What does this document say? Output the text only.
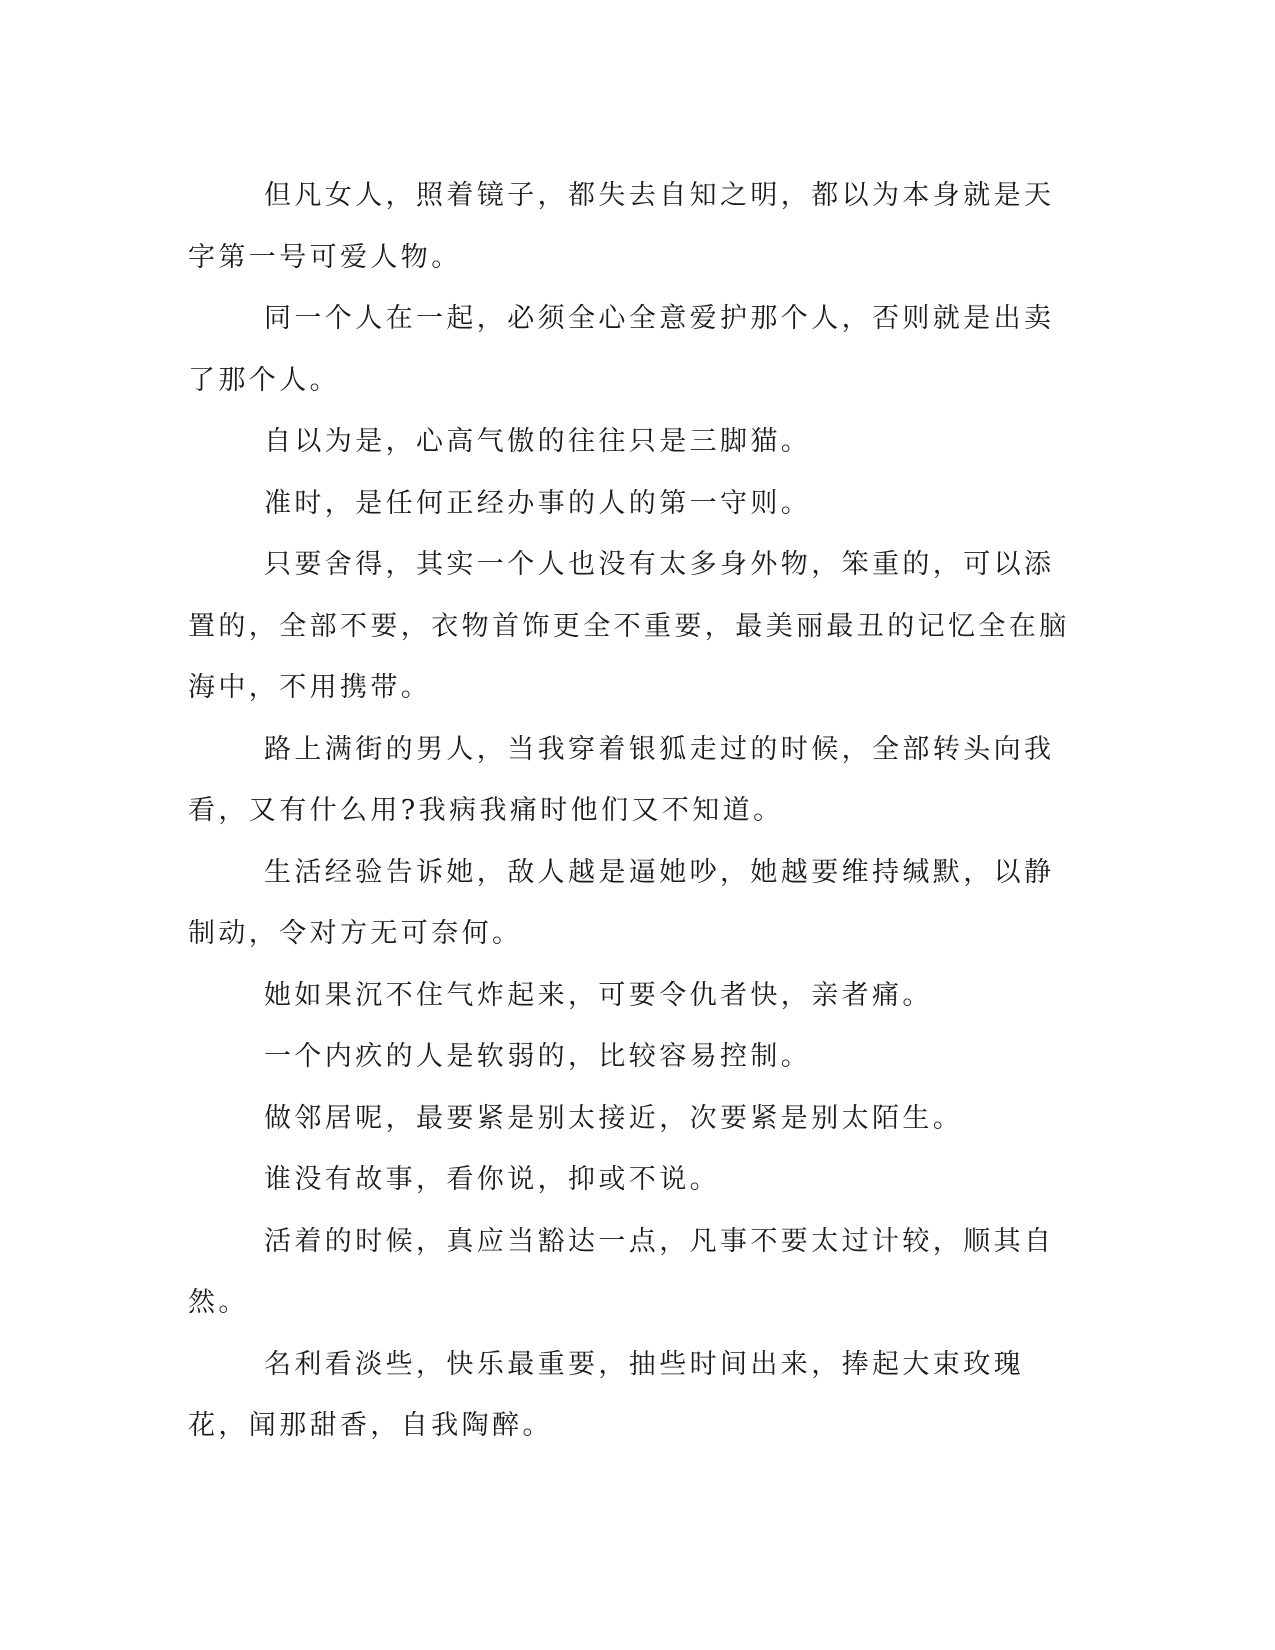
但凡女人，照着镜子，都失去自知之明，都以为本身就是天字第一号可爱人物。

同一个人在一起，必须全心全意爱护那个人，否则就是出卖了那个人。

自以为是，心高气傲的往往只是三脚猫。

准时，是任何正经办事的人的第一守则。

只要舍得，其实一个人也没有太多身外物，笨重的，可以添置的，全部不要，衣物首饰更全不重要，最美丽最丑的记忆全在脑海中，不用携带。

路上满街的男人，当我穿着银狐走过的时候，全部转头向我看，又有什么用?我病我痛时他们又不知道。

生活经验告诉她，敌人越是逼她吵，她越要维持缄默，以静制动，令对方无可奈何。

她如果沉不住气炸起来，可要令仇者快，亲者痛。

一个内疚的人是软弱的，比较容易控制。

做邻居呢，最要紧是别太接近，次要紧是别太陌生。

谁没有故事，看你说，抑或不说。

活着的时候，真应当豁达一点，凡事不要太过计较，顺其自然。

名利看淡些，快乐最重要，抽些时间出来，捧起大束玫瑰花，闻那甜香，自我陶醉。
